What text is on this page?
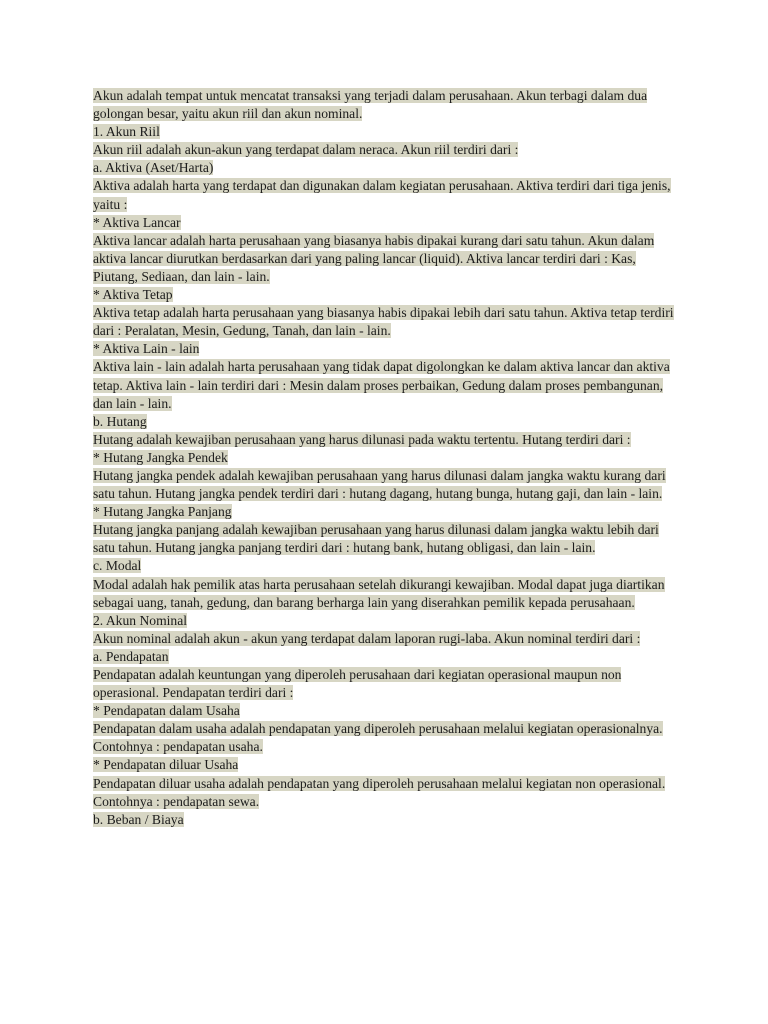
Akun adalah tempat untuk mencatat transaksi yang terjadi dalam perusahaan. Akun terbagi dalam dua golongan besar, yaitu akun riil dan akun nominal.

1. Akun Riil

Akun riil adalah akun-akun yang terdapat dalam neraca. Akun riil terdiri dari :

a. Aktiva (Aset/Harta)

Aktiva adalah harta yang terdapat dan digunakan dalam kegiatan perusahaan. Aktiva terdiri dari tiga jenis, yaitu :

* Aktiva Lancar

Aktiva lancar adalah harta perusahaan yang biasanya habis dipakai kurang dari satu tahun. Akun dalam aktiva lancar diurutkan berdasarkan dari yang paling lancar (liquid). Aktiva lancar terdiri dari : Kas, Piutang, Sediaan, dan lain - lain.

* Aktiva Tetap

Aktiva tetap adalah harta perusahaan yang biasanya habis dipakai lebih dari satu tahun. Aktiva tetap terdiri dari : Peralatan, Mesin, Gedung, Tanah, dan lain - lain.

* Aktiva Lain - lain

Aktiva lain - lain adalah harta perusahaan yang tidak dapat digolongkan ke dalam aktiva lancar dan aktiva tetap. Aktiva lain - lain terdiri dari : Mesin dalam proses perbaikan, Gedung dalam proses pembangunan, dan lain - lain.

b. Hutang

Hutang adalah kewajiban perusahaan yang harus dilunasi pada waktu tertentu. Hutang terdiri dari :

* Hutang Jangka Pendek

Hutang jangka pendek adalah kewajiban perusahaan yang harus dilunasi dalam jangka waktu kurang dari satu tahun. Hutang jangka pendek terdiri dari : hutang dagang, hutang bunga, hutang gaji, dan lain - lain.

* Hutang Jangka Panjang

Hutang jangka panjang adalah kewajiban perusahaan yang harus dilunasi dalam jangka waktu lebih dari satu tahun. Hutang jangka panjang terdiri dari : hutang bank, hutang obligasi, dan lain - lain.

c. Modal

Modal adalah hak pemilik atas harta perusahaan setelah dikurangi kewajiban. Modal dapat juga diartikan sebagai uang, tanah, gedung, dan barang berharga lain yang diserahkan pemilik kepada perusahaan.

2. Akun Nominal

Akun nominal adalah akun - akun yang terdapat dalam laporan rugi-laba. Akun nominal terdiri dari :

a. Pendapatan

Pendapatan adalah keuntungan yang diperoleh perusahaan dari kegiatan operasional maupun non operasional. Pendapatan terdiri dari :

* Pendapatan dalam Usaha

Pendapatan dalam usaha adalah pendapatan yang diperoleh perusahaan melalui kegiatan operasionalnya. Contohnya : pendapatan usaha.

* Pendapatan diluar Usaha

Pendapatan diluar usaha adalah pendapatan yang diperoleh perusahaan melalui kegiatan non operasional. Contohnya : pendapatan sewa.

b. Beban / Biaya
